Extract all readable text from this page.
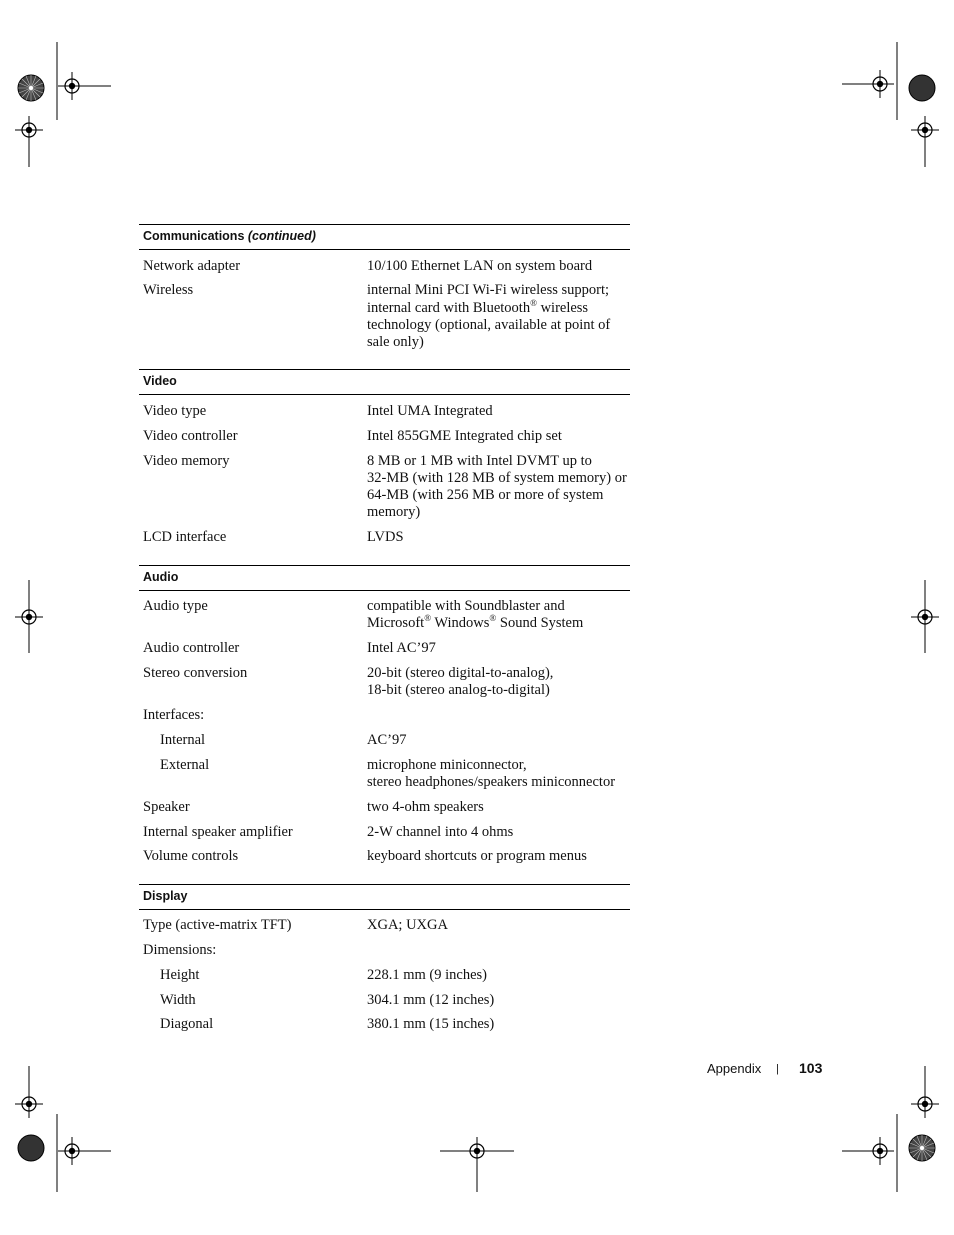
Communications (continued)
Network adapter	10/100 Ethernet LAN on system board
Wireless	internal Mini PCI Wi-Fi wireless support;
internal card with Bluetooth® wireless
technology (optional, available at point of
sale only)
Video
Video type	Intel UMA Integrated
Video controller	Intel 855GME Integrated chip set
Video memory	8 MB or 1 MB with Intel DVMT up to
32-MB (with 128 MB of system memory) or
64-MB (with 256 MB or more of system
memory)
LCD interface	LVDS
Audio
Audio type	compatible with Soundblaster and
Microsoft® Windows® Sound System
Audio controller	Intel AC’97
Stereo conversion	20-bit (stereo digital-to-analog),
18-bit (stereo analog-to-digital)
Interfaces:
Internal	AC’97
External	microphone miniconnector,
stereo headphones/speakers miniconnector
Speaker	two 4-ohm speakers
Internal speaker amplifier	2-W channel into 4 ohms
Volume controls	keyboard shortcuts or program menus
Display
Type (active-matrix TFT)	XGA; UXGA
Dimensions:
Height	228.1 mm (9 inches)
Width	304.1 mm (12 inches)
Diagonal	380.1 mm (15 inches)
Appendix | 103
